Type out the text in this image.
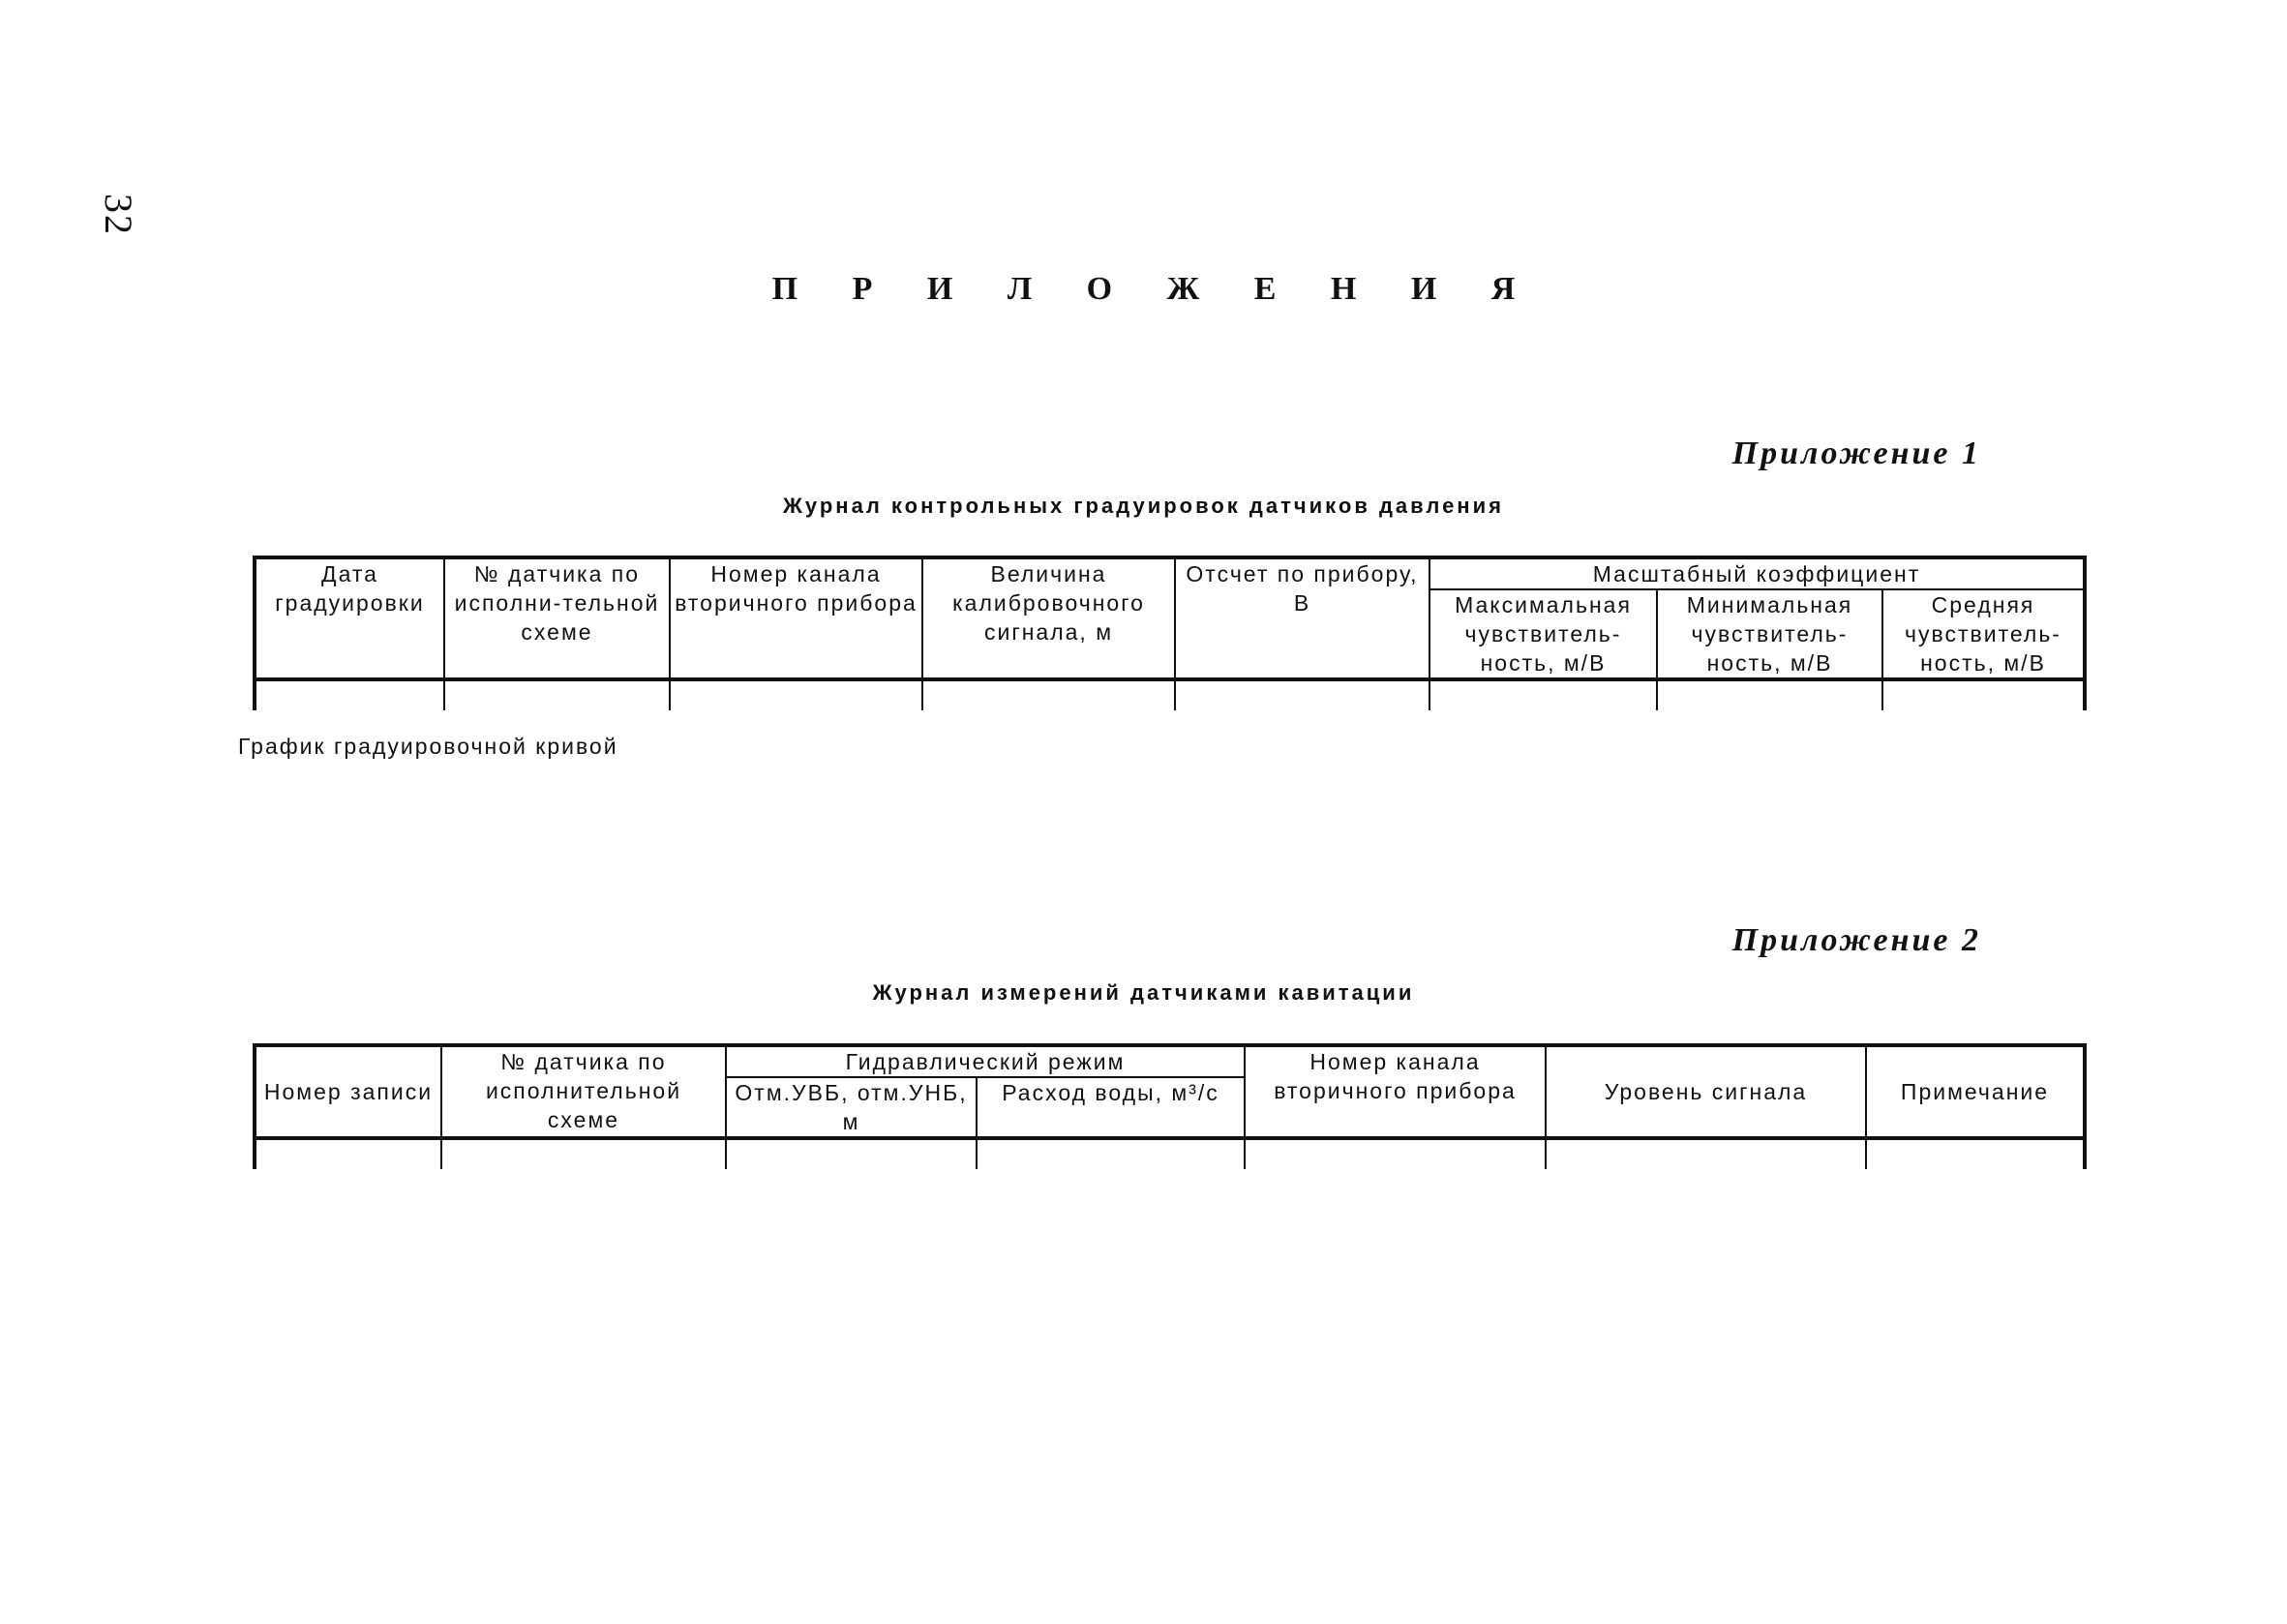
32
П Р И Л О Ж Е Н И Я
Приложение 1
Журнал контрольных градуировок датчиков давления
Дата градуировки	№ датчика по исполни-тельной схеме	Номер канала вторичного прибора	Величина калибровочного сигнала, м	Отсчет по прибору, В	Масштабный коэффициент		
					Максимальная чувствитель-ность, м/В	Минимальная чувствитель-ность, м/В	Средняя чувствитель-ность, м/В

График градуировочной кривой
Приложение 2
Журнал измерений датчиками кавитации
Номер записи	№ датчика по исполнительной схеме	Гидравлический режим		Номер канала вторичного прибора	Уровень сигнала	Примечание
		Отм.УВБ, отм.УНБ, м	Расход воды, м³/с			
